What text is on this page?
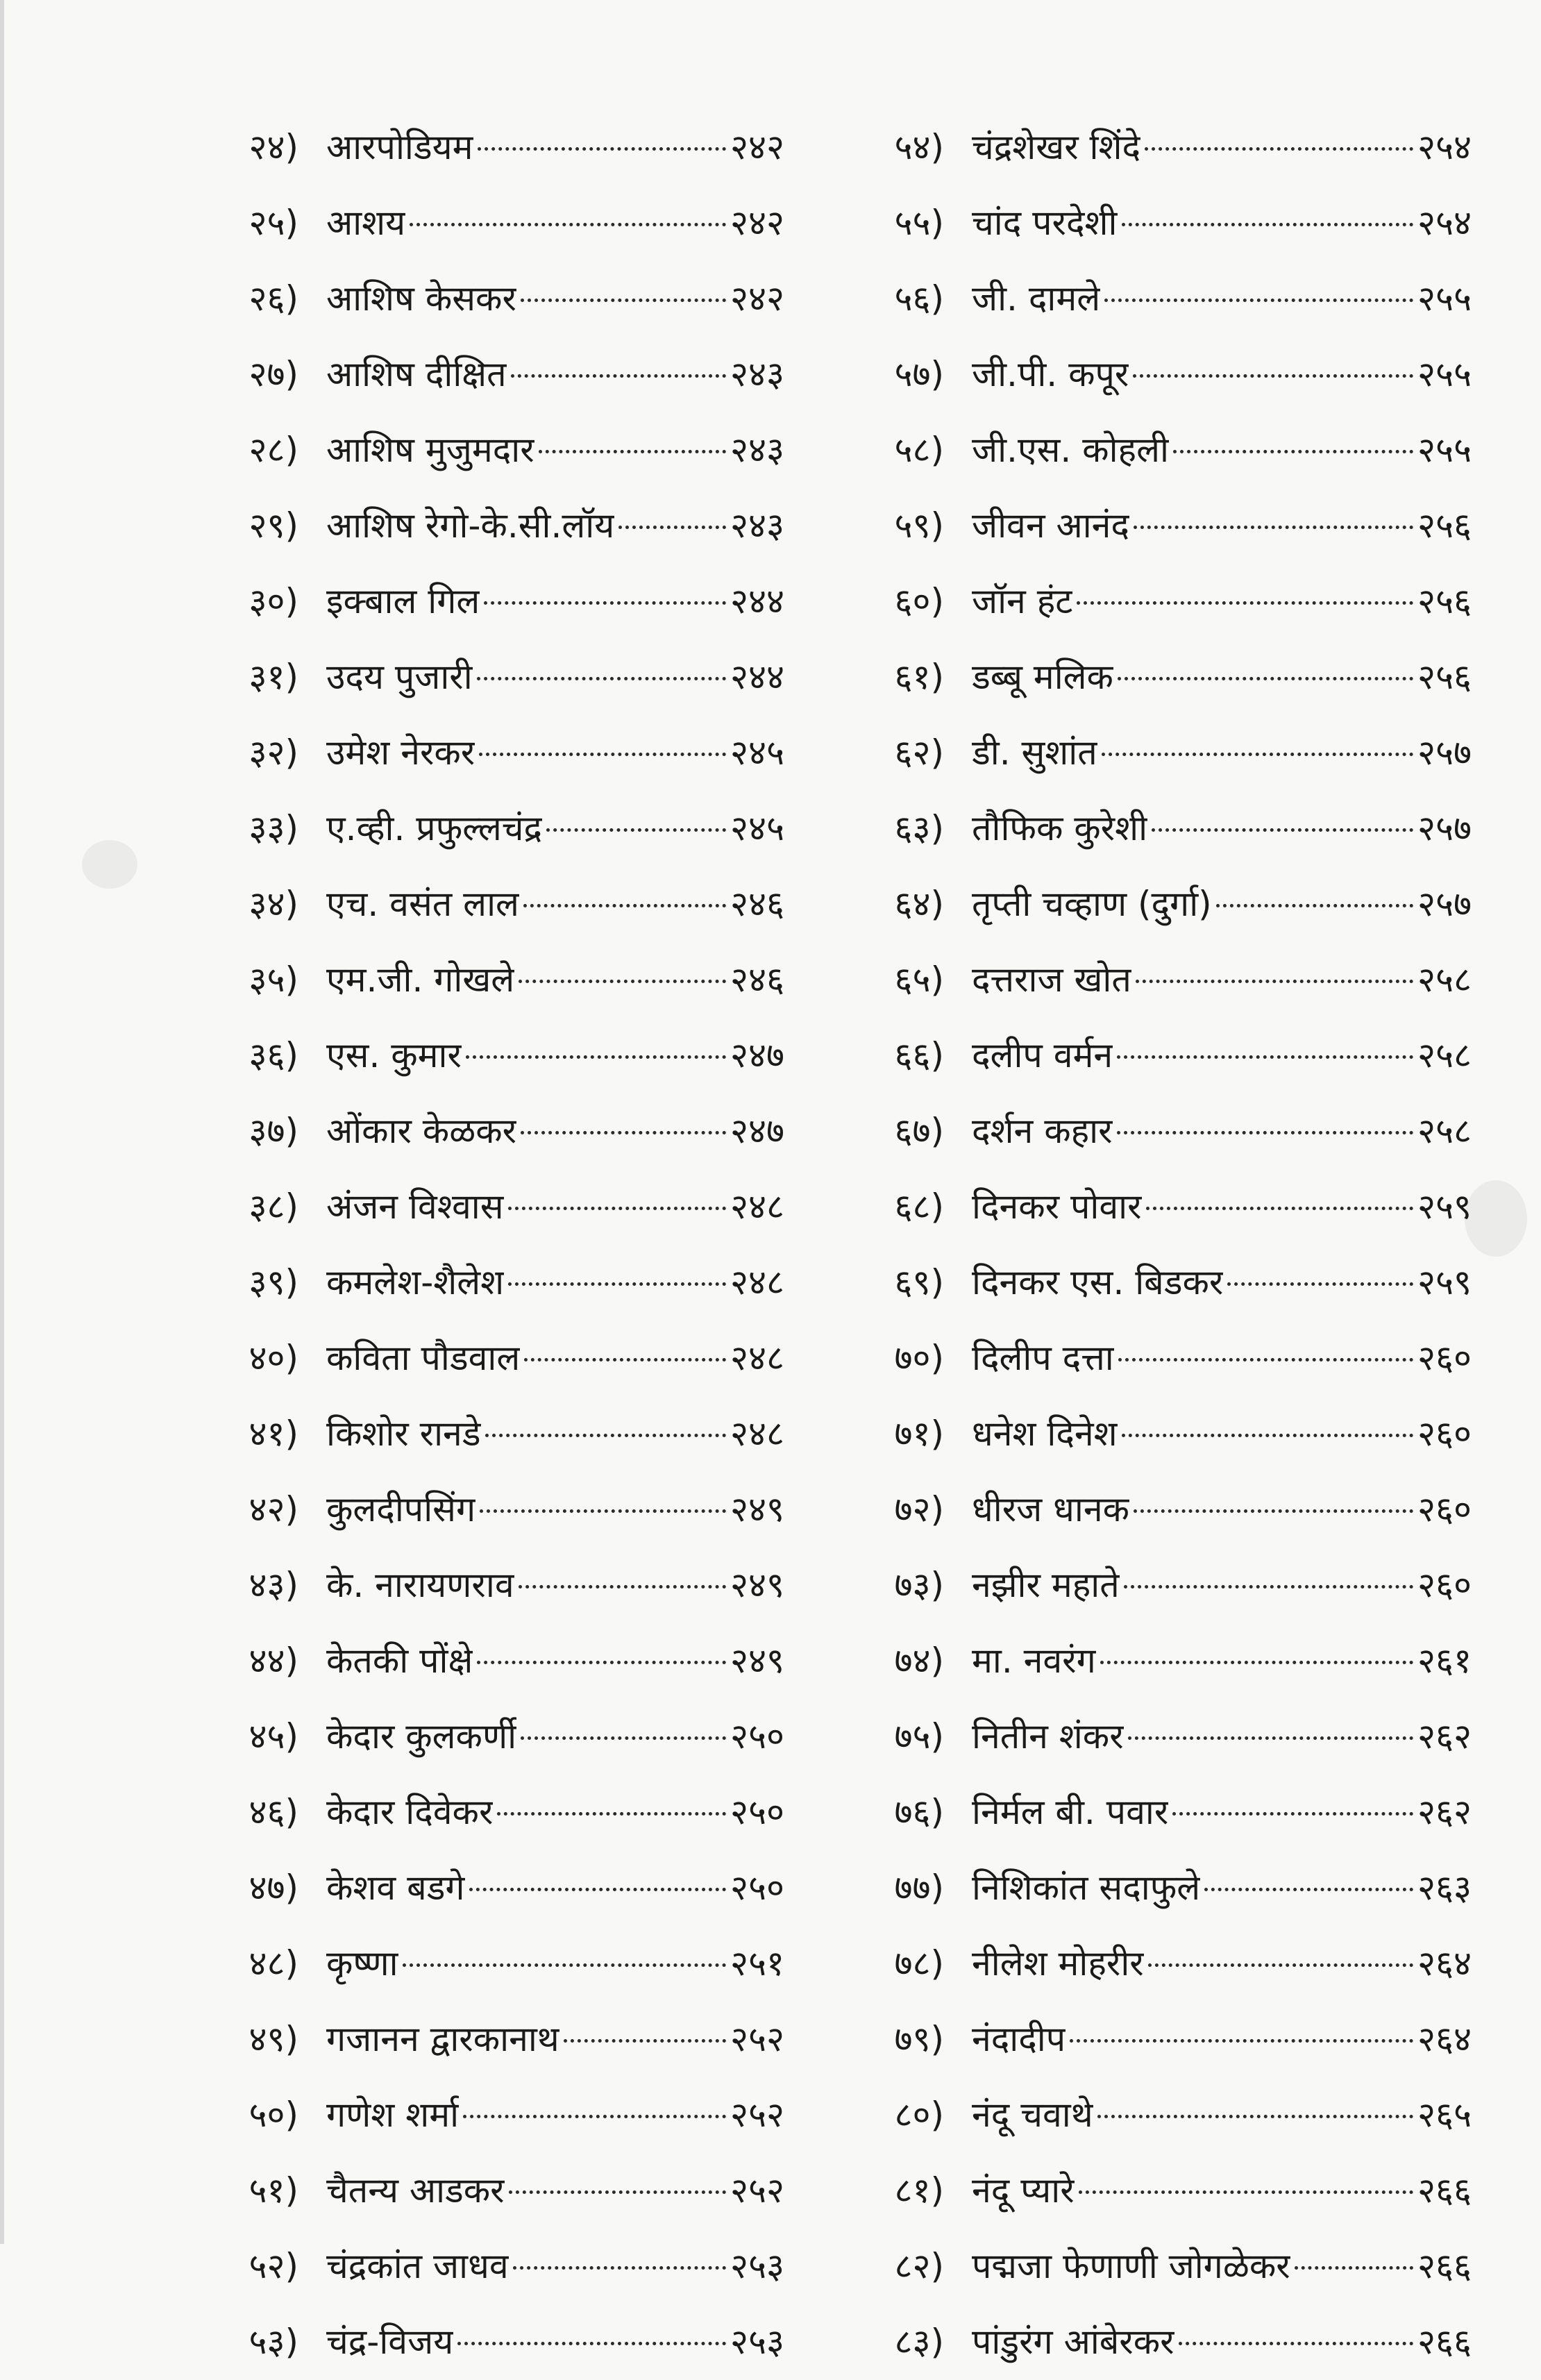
२४) आरपोडियम	२४२
२५) आशय	२४२
२६) आशिष केसकर	२४२
२७) आशिष दीक्षित	२४३
२८) आशिष मुजुमदार	२४३
२९) आशिष रेगो-के.सी.लॉय	२४३
३०) इक्बाल गिल	२४४
३१) उदय पुजारी	२४४
३२) उमेश नेरकर	२४५
३३) ए.व्ही. प्रफुल्लचंद्र	२४५
३४) एच. वसंत लाल	२४६
३५) एम.जी. गोखले	२४६
३६) एस. कुमार	२४७
३७) ओंकार केळकर	२४७
३८) अंजन विश्वास	२४८
३९) कमलेश-शैलेश	२४८
४०) कविता पौडवाल	२४८
४१) किशोर रानडे	२४८
४२) कुलदीपसिंग	२४९
४३) के. नारायणराव	२४९
४४) केतकी पोंक्षे	२४९
४५) केदार कुलकर्णी	२५०
४६) केदार दिवेकर	२५०
४७) केशव बडगे	२५०
४८) कृष्णा	२५१
४९) गजानन द्वारकानाथ	२५२
५०) गणेश शर्मा	२५२
५१) चैतन्य आडकर	२५२
५२) चंद्रकांत जाधव	२५३
५३) चंद्र-विजय	२५३
५४) चंद्रशेखर शिंदे	२५४
५५) चांद परदेशी	२५४
५६) जी. दामले	२५५
५७) जी.पी. कपूर	२५५
५८) जी.एस. कोहली	२५५
५९) जीवन आनंद	२५६
६०) जॉन हंट	२५६
६१) डब्बू मलिक	२५६
६२) डी. सुशांत	२५७
६३) तौफिक कुरेशी	२५७
६४) तृप्ती चव्हाण (दुर्गा)	२५७
६५) दत्तराज खोत	२५८
६६) दलीप वर्मन	२५८
६७) दर्शन कहार	२५८
६८) दिनकर पोवार	२५९
६९) दिनकर एस. बिडकर	२५९
७०) दिलीप दत्ता	२६०
७१) धनेश दिनेश	२६०
७२) धीरज धानक	२६०
७३) नझीर महाते	२६०
७४) मा. नवरंग	२६१
७५) नितीन शंकर	२६२
७६) निर्मल बी. पवार	२६२
७७) निशिकांत सदाफुले	२६३
७८) नीलेश मोहरीर	२६४
७९) नंदादीप	२६४
८०) नंदू चवाथे	२६५
८१) नंदू प्यारे	२६६
८२) पद्मजा फेणाणी जोगळेकर	२६६
८३) पांडुरंग आंबेरकर	२६६
